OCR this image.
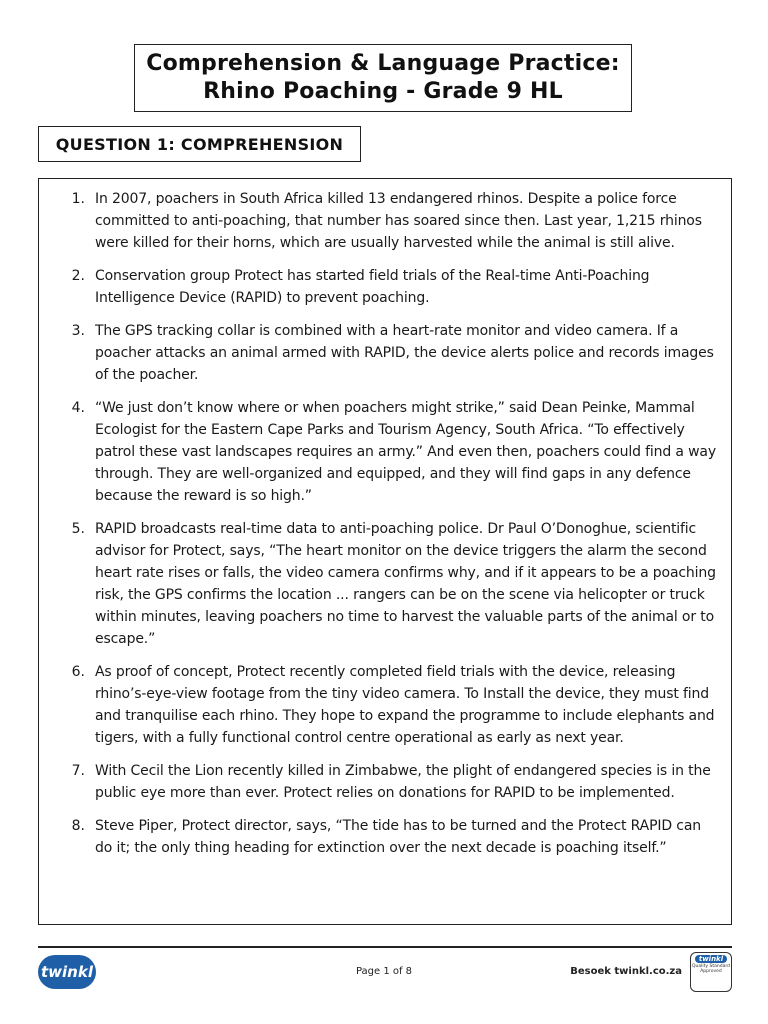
Comprehension & Language Practice:
Rhino Poaching - Grade 9 HL
QUESTION 1: COMPREHENSION
1. In 2007, poachers in South Africa killed 13 endangered rhinos. Despite a police force committed to anti-poaching, that number has soared since then. Last year, 1,215 rhinos were killed for their horns, which are usually harvested while the animal is still alive.
2. Conservation group Protect has started field trials of the Real-time Anti-Poaching Intelligence Device (RAPID) to prevent poaching.
3. The GPS tracking collar is combined with a heart-rate monitor and video camera. If a poacher attacks an animal armed with RAPID, the device alerts police and records images of the poacher.
4. “We just don’t know where or when poachers might strike,” said Dean Peinke, Mammal Ecologist for the Eastern Cape Parks and Tourism Agency, South Africa. “To effectively patrol these vast landscapes requires an army.” And even then, poachers could find a way through. They are well-organized and equipped, and they will find gaps in any defence because the reward is so high.”
5. RAPID broadcasts real-time data to anti-poaching police. Dr Paul O’Donoghue, scientific advisor for Protect, says, “The heart monitor on the device triggers the alarm the second heart rate rises or falls, the video camera confirms why, and if it appears to be a poaching risk, the GPS confirms the location ... rangers can be on the scene via helicopter or truck within minutes, leaving poachers no time to harvest the valuable parts of the animal or to escape.”
6. As proof of concept, Protect recently completed field trials with the device, releasing rhino’s-eye-view footage from the tiny video camera. To Install the device, they must find and tranquilise each rhino. They hope to expand the programme to include elephants and tigers, with a fully functional control centre operational as early as next year.
7. With Cecil the Lion recently killed in Zimbabwe, the plight of endangered species is in the public eye more than ever. Protect relies on donations for RAPID to be implemented.
8. Steve Piper, Protect director, says, “The tide has to be turned and the Protect RAPID can do it; the only thing heading for extinction over the next decade is poaching itself.”
twinkl	Page 1 of 8	Besoek twinkl.co.za
twinkl
Quality Standard Approved
